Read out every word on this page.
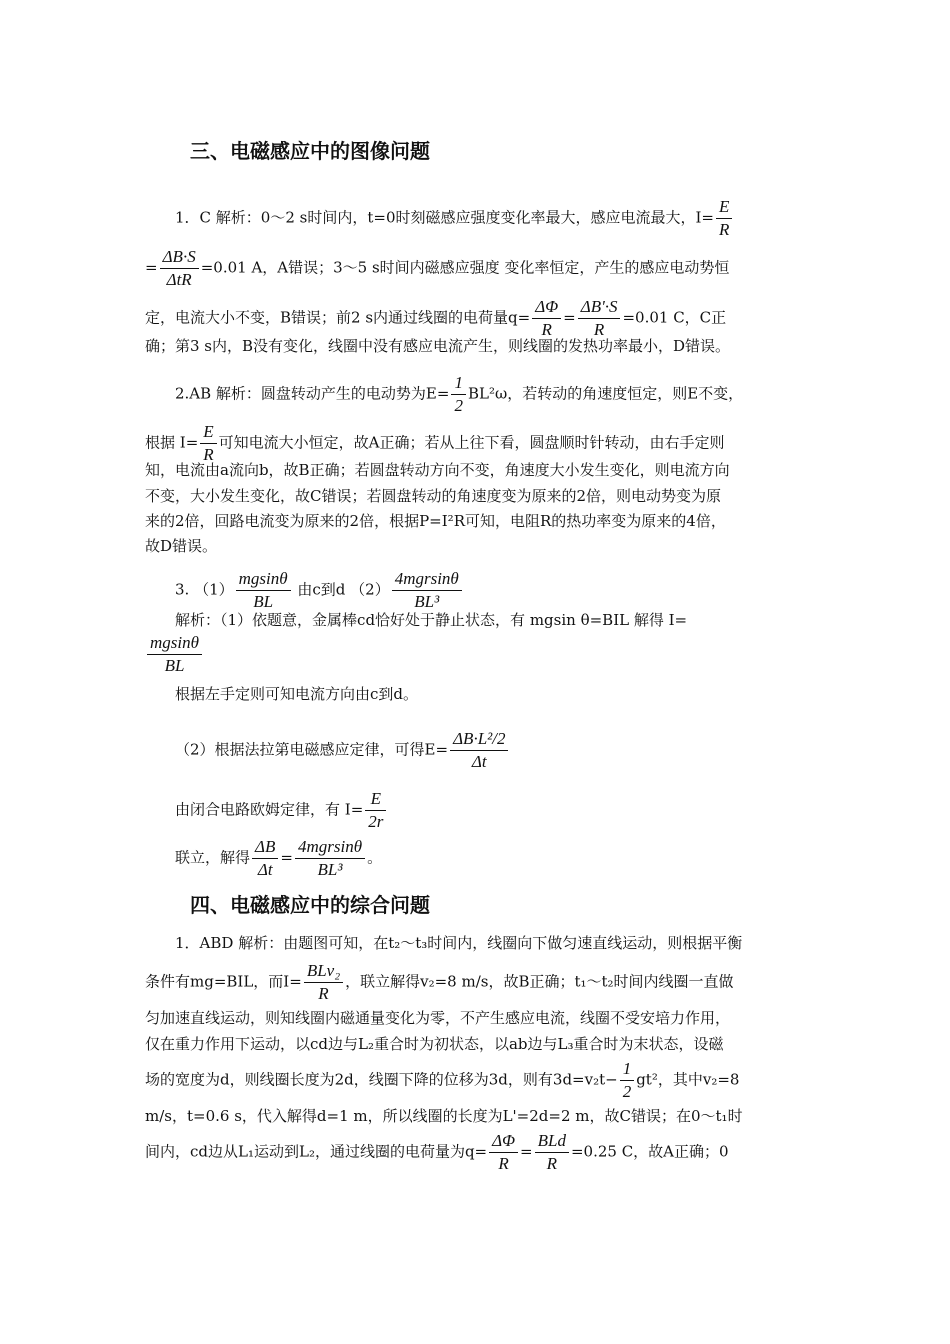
三、电磁感应中的图像问题
1．C 解析：0～2 s时间内，t=0时刻磁感应强度变化率最大，感应电流最大，$I= \frac{E}{R}$
= $\frac{\Delta B\cdot S}{\text{ΔtR}} =0.01$ A，A错误；3～5 s时间内磁感应强度 变化率恒定，产生的感应电动势恒
定，电流大小不变，B错误；前2 s内通过线圈的电荷量$q= \frac{\Delta\Phi}{R} = \frac{\Delta B'\cdot S}{R} =0.01$ C，C正
确；第3 s内，B没有变化，线圈中没有感应电流产生，则线圈的发热功率最小，D错误。
2.AB 解析：圆盘转动产生的电动势为$E= \frac{1}{2} BL^2\omega$，若转动的角速度恒定，则E不变，
根据 $I= \frac{E}{R}$ 可知电流大小恒定，故A正确；若从上往下看，圆盘顺时针转动，由右手定则
知，电流由a流向b，故B正确；若圆盘转动方向不变，角速度大小发生变化，则电流方向
不变，大小发生变化，故C错误；若圆盘转动的角速度变为原来的2倍，则电动势变为原
来的2倍，回路电流变为原来的2倍，根据P=I²R可知，电阻R的热功率变为原来的4倍，
故D错误。
3. $(1) \frac{mgsin\theta}{BL}$ 由c到d $(2) \frac{\text{4mgrsinθ}}{\text{BL³}}$
解析：（1）依题意，金属棒cd恰好处于静止状态，有 mgsin θ=BIL 解得 I=
$\frac{mgsin\theta}{BL}$
根据左手定则可知电流方向由c到d。
（2）根据法拉第电磁感应定律，可得$E= \frac{\text{ΔB·L²/2}}{\Delta t}$
由闭合电路欧姆定律，有 $I= \frac{E}{2r}$
联立，解得 $\frac{\Delta B}{\Delta t} = \frac{\text{4mgrsinθ}}{\text{BL³}}$ 。
四、电磁感应中的综合问题
1．ABD 解析：由题图可知，在t₂～t₃时间内，线圈向下做匀速直线运动，则根据平衡
条件有mg=BIL，而$I= \frac{\text{BLv₂}}{R}$ ，联立解得v₂=8 m/s，故B正确；t₁～t₂时间内线圈一直做
匀加速直线运动，则知线圈内磁通量变化为零，不产生感应电流，线圈不受安培力作用，
仅在重力作用下运动，以cd边与L₂重合时为初状态，以ab边与L₃重合时为末状态，设磁
场的宽度为d，则线圈长度为2d，线圈下降的位移为3d，则有$3d=v_2t- \frac{1}{2} gt^2$，其中v₂=8
m/s，t=0.6 s，代入解得d=1 m，所以线圈的长度为L'=2d=2 m，故C错误；在0～t₁时
间内，cd边从L₁运动到L₂，通过线圈的电荷量为$q= \frac{\Delta\Phi}{R} = \frac{\text{BLd}}{R} =0.25$ C，故A正确；0
